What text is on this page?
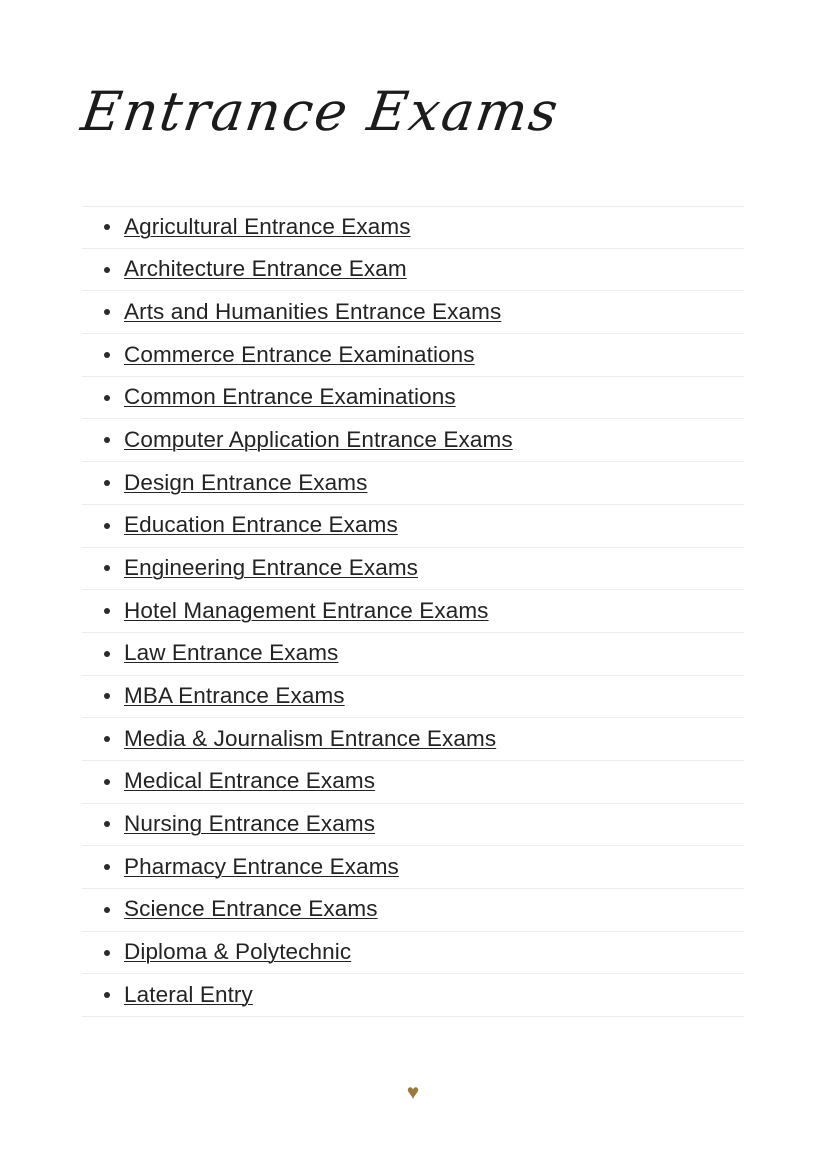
Entrance Exams
Agricultural Entrance Exams
Architecture Entrance Exam
Arts and Humanities Entrance Exams
Commerce Entrance Examinations
Common Entrance Examinations
Computer Application Entrance Exams
Design Entrance Exams
Education Entrance Exams
Engineering Entrance Exams
Hotel Management Entrance Exams
Law Entrance Exams
MBA Entrance Exams
Media & Journalism Entrance Exams
Medical Entrance Exams
Nursing Entrance Exams
Pharmacy Entrance Exams
Science Entrance Exams
Diploma & Polytechnic
Lateral Entry
♥
